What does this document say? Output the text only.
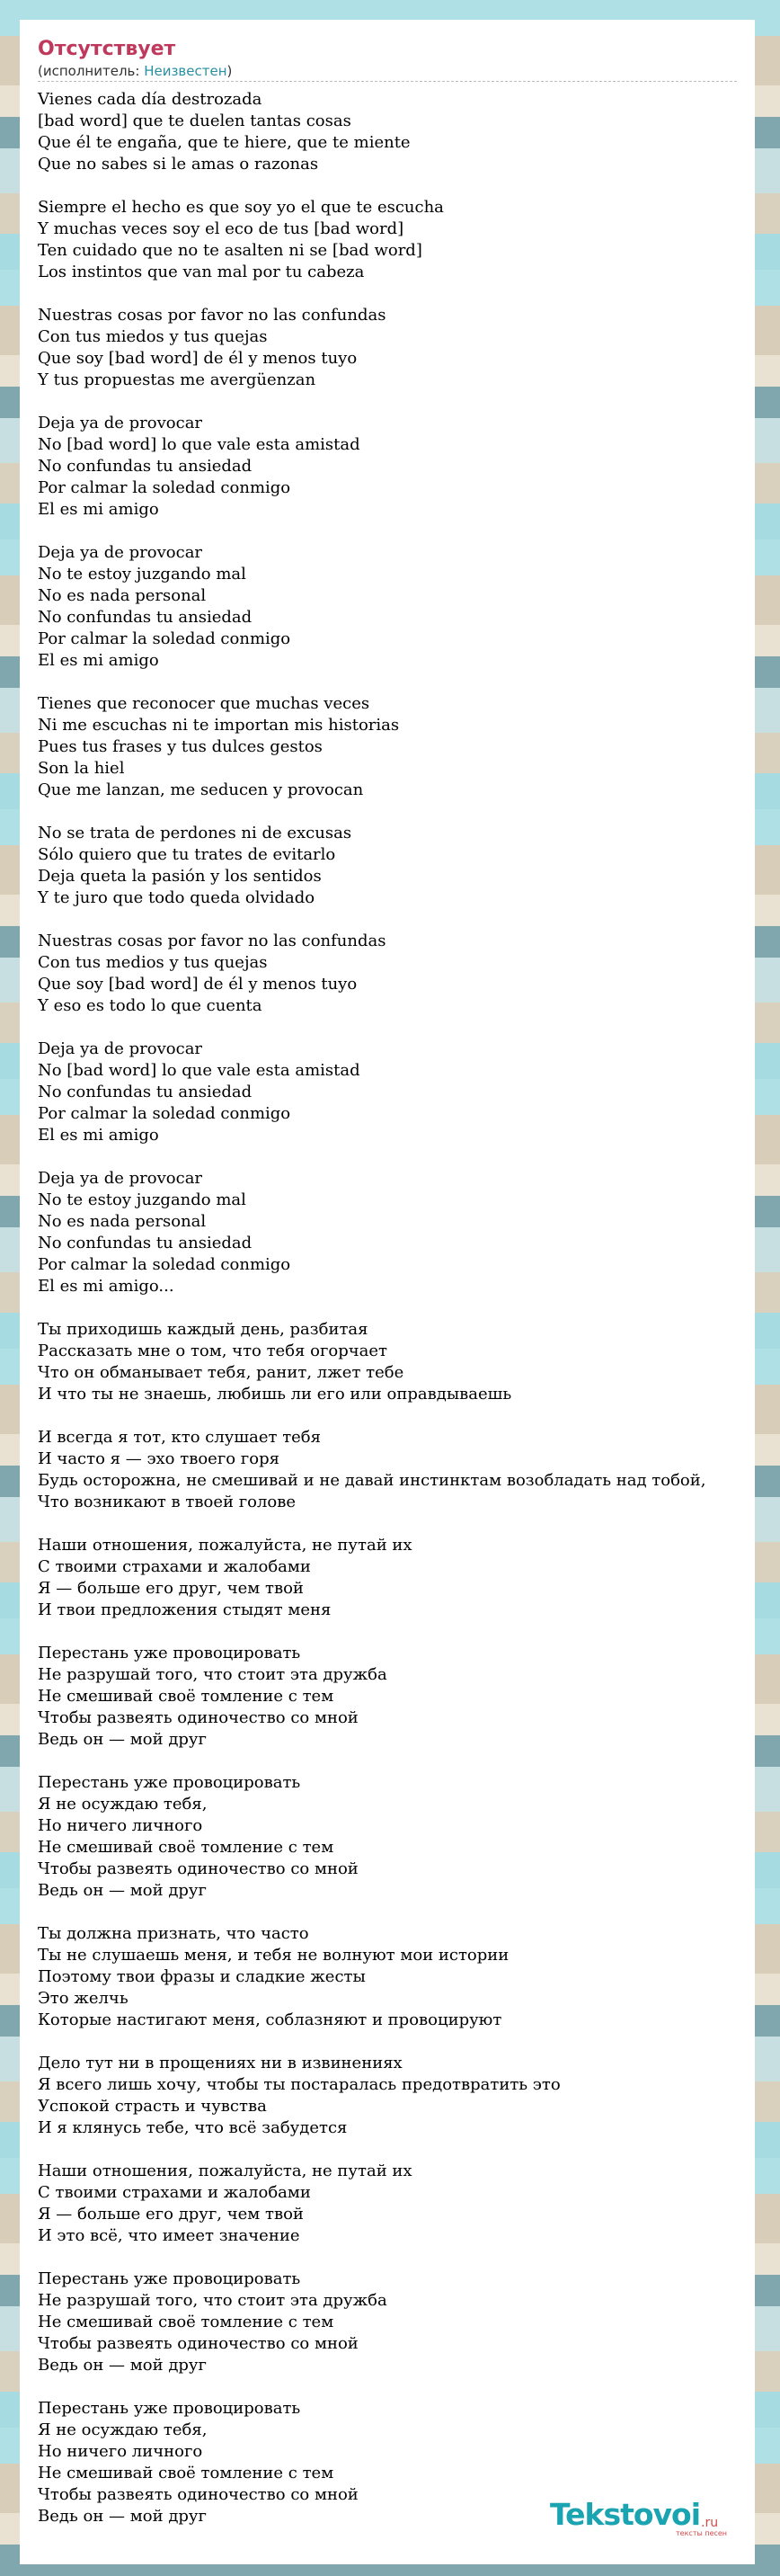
Отсутствует
(исполнитель: Неизвестен)
Vienes cada día destrozada
[bad word] que te duelen tantas cosas
Que él te engaña, que te hiere, que te miente
Que no sabes si le amas o razonas
Siempre el hecho es que soy yo el que te escucha
Y muchas veces soy el eco de tus [bad word]
Ten cuidado que no te asalten ni se [bad word]
Los instintos que van mal por tu cabeza
Nuestras cosas por favor no las confundas
Con tus miedos y tus quejas
Que soy [bad word] de él y menos tuyo
Y tus propuestas me avergüenzan
Deja ya de provocar
No [bad word] lo que vale esta amistad
No confundas tu ansiedad
Por calmar la soledad conmigo
El es mi amigo
Deja ya de provocar
No te estoy juzgando mal
No es nada personal
No confundas tu ansiedad
Por calmar la soledad conmigo
El es mi amigo
Tienes que reconocer que muchas veces
Ni me escuchas ni te importan mis historias
Pues tus frases y tus dulces gestos
Son la hiel
Que me lanzan, me seducen y provocan
No se trata de perdones ni de excusas
Sólo quiero que tu trates de evitarlo
Deja queta la pasión y los sentidos
Y te juro que todo queda olvidado
Nuestras cosas por favor no las confundas
Con tus medios y tus quejas
Que soy [bad word] de él y menos tuyo
Y eso es todo lo que cuenta
Deja ya de provocar
No [bad word] lo que vale esta amistad
No confundas tu ansiedad
Por calmar la soledad conmigo
El es mi amigo
Deja ya de provocar
No te estoy juzgando mal
No es nada personal
No confundas tu ansiedad
Por calmar la soledad conmigo
El es mi amigo...
Ты приходишь каждый день, разбитая
Рассказать мне о том, что тебя огорчает
Что он обманывает тебя, ранит, лжет тебе
И что ты не знаешь, любишь ли его или оправдываешь
И всегда я тот, кто слушает тебя
И часто я — эхо твоего горя
Будь осторожна, не смешивай и не давай инстинктам возобладать над тобой,
Что возникают в твоей голове
Наши отношения, пожалуйста, не путай их
С твоими страхами и жалобами
Я — больше его друг, чем твой
И твои предложения стыдят меня
Перестань уже провоцировать
Не разрушай того, что стоит эта дружба
Не смешивай своё томление с тем
Чтобы развеять одиночество со мной
Ведь он — мой друг
Перестань уже провоцировать
Я не осуждаю тебя,
Но ничего личного
Не смешивай своё томление с тем
Чтобы развеять одиночество со мной
Ведь он — мой друг
Ты должна признать, что часто
Ты не слушаешь меня, и тебя не волнуют мои истории
Поэтому твои фразы и сладкие жесты
Это желчь
Которые настигают меня, соблазняют и провоцируют
Дело тут ни в прощениях ни в извинениях
Я всего лишь хочу, чтобы ты постаралась предотвратить это
Успокой страсть и чувства
И я клянусь тебе, что всё забудется
Наши отношения, пожалуйста, не путай их
С твоими страхами и жалобами
Я — больше его друг, чем твой
И это всё, что имеет значение
Перестань уже провоцировать
Не разрушай того, что стоит эта дружба
Не смешивай своё томление с тем
Чтобы развеять одиночество со мной
Ведь он — мой друг
Перестань уже провоцировать
Я не осуждаю тебя,
Но ничего личного
Не смешивай своё томление с тем
Чтобы развеять одиночество со мной
Ведь он — мой друг	Tekstovoi.ru
тексты песен
